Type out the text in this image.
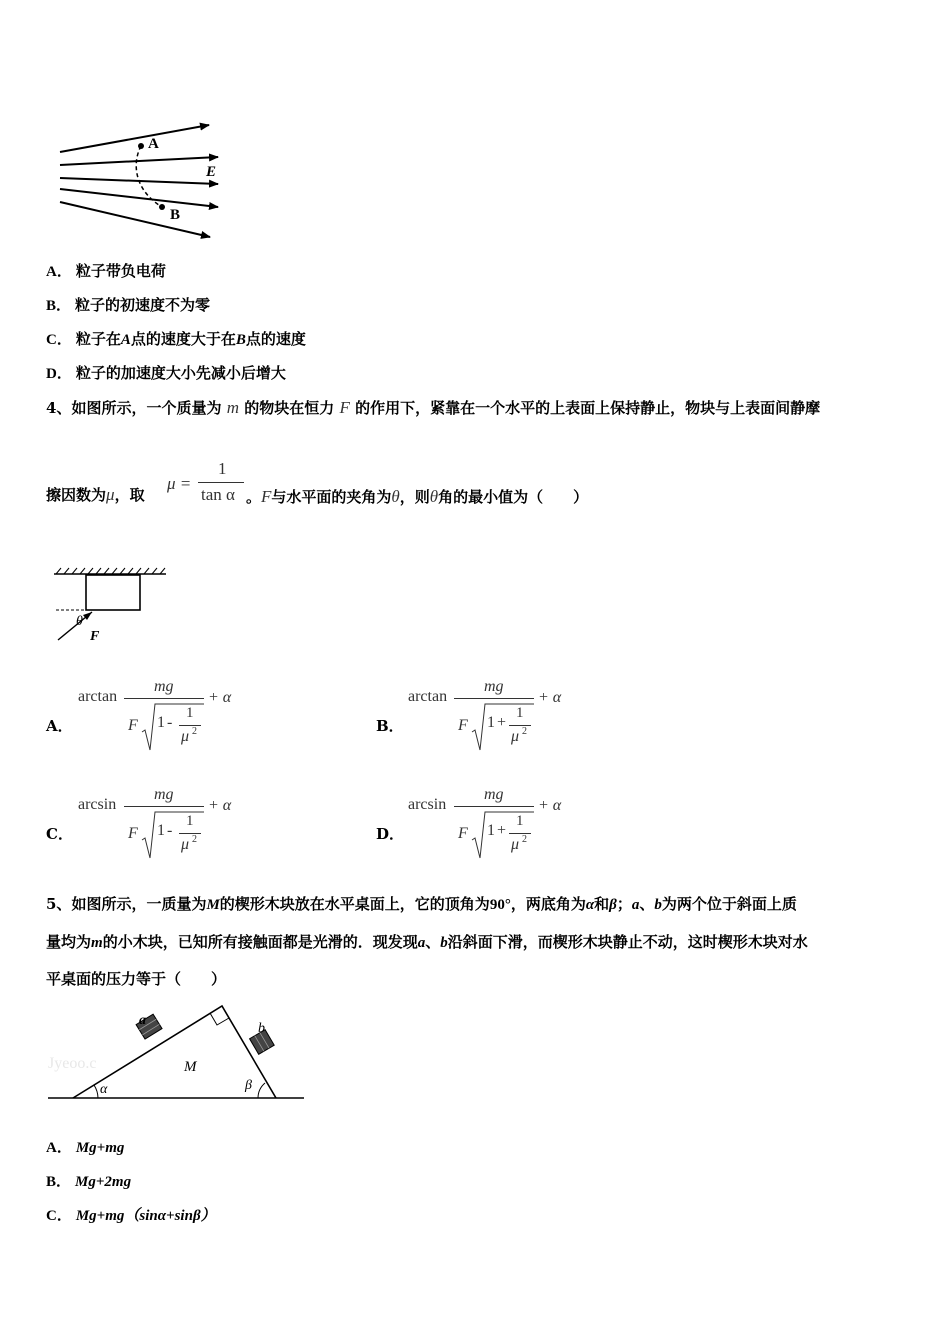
A
B
E
A． 粒子带负电荷
B． 粒子的初速度不为零
C． 粒子在A点的速度大于在B点的速度
D． 粒子的加速度大小先减小后增大
4、如图所示，一个质量为 m 的物块在恒力 F 的作用下，紧靠在一个水平的上表面上保持静止，物块与上表面间静摩
擦因数为μ，取
μ =
1
tan α 。F与水平面的夹角为θ，则θ角的最小值为（　　）
θ
F
A．
arctan
mg
F 1 -
1
μ 2
+ α
B．
arctan
mg
F 1 +
1
μ 2
+ α
C．
arcsin
mg
F 1 -
1
μ 2
+ α
D．
arcsin
mg
F 1 +
1
μ 2
+ α
5、如图所示，一质量为M的楔形木块放在水平桌面上，它的顶角为90°，两底角为α和β；a、b为两个位于斜面上质
量均为m的小木块，已知所有接触面都是光滑的．现发现a、b沿斜面下滑，而楔形木块静止不动，这时楔形木块对水
平桌面的压力等于（　　）
Jyeoo.c
a
b
M
α	β
A． Mg+mg
B． Mg+2mg
C． Mg+mg（sinα+sinβ）
